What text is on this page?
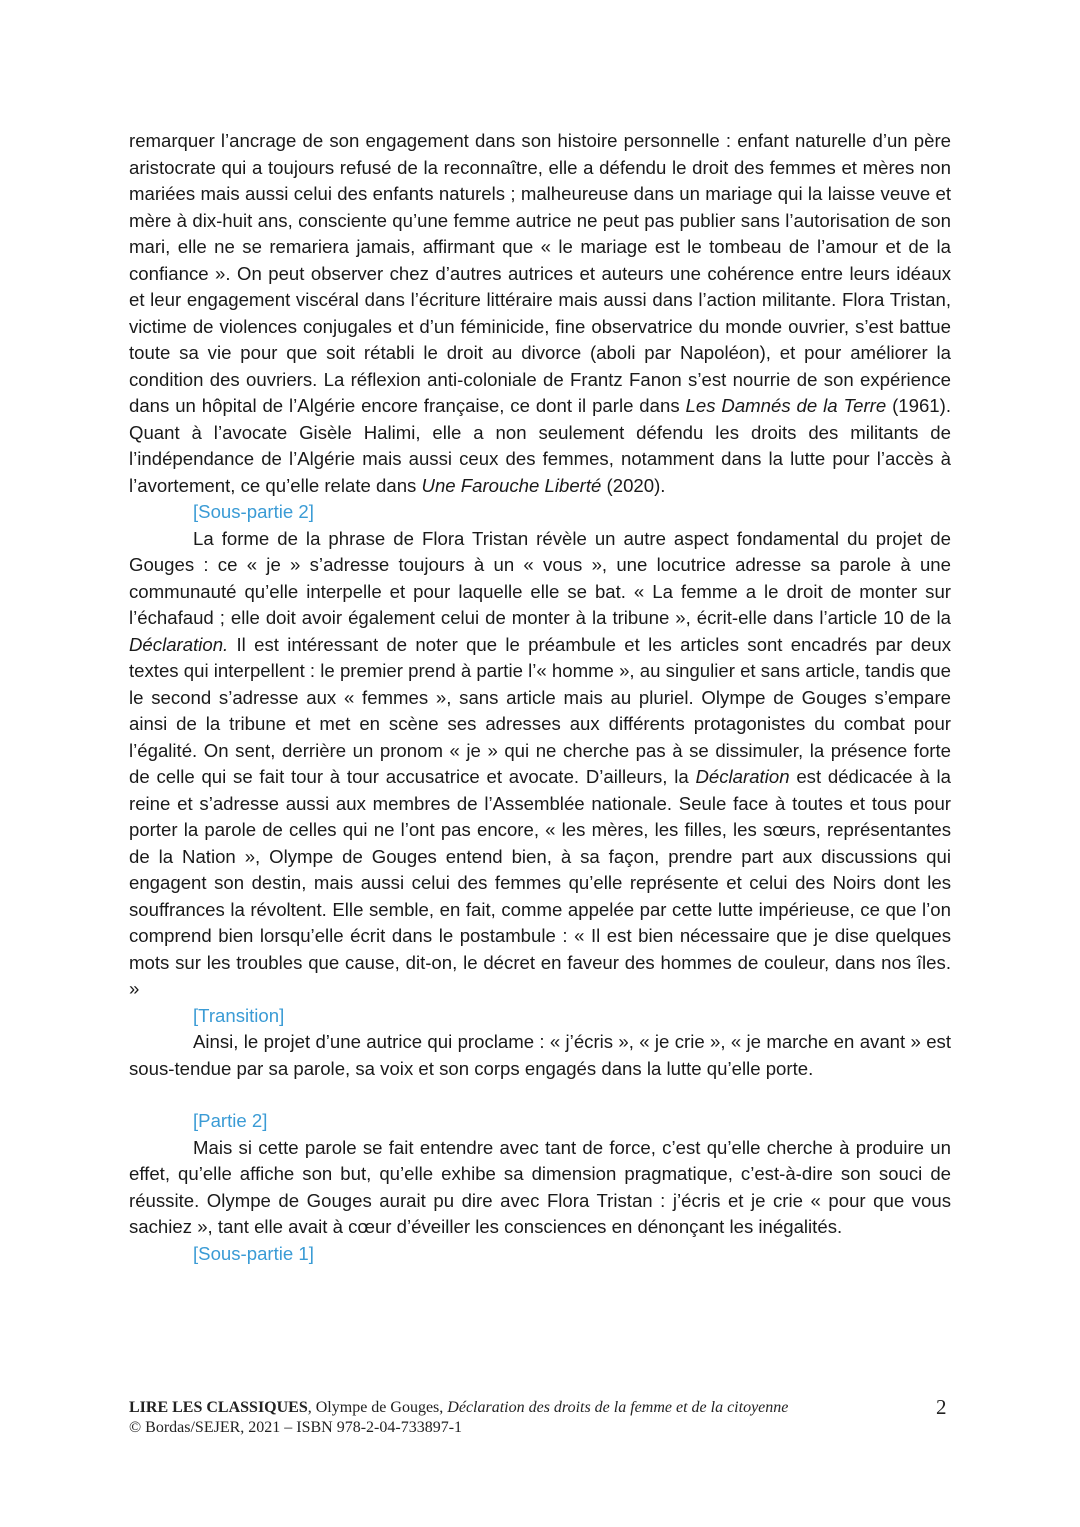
remarquer l’ancrage de son engagement dans son histoire personnelle : enfant naturelle d’un père aristocrate qui a toujours refusé de la reconnaître, elle a défendu le droit des femmes et mères non mariées mais aussi celui des enfants naturels ; malheureuse dans un mariage qui la laisse veuve et mère à dix-huit ans, consciente qu’une femme autrice ne peut pas publier sans l’autorisation de son mari, elle ne se remariera jamais, affirmant que « le mariage est le tombeau de l’amour et de la confiance ». On peut observer chez d’autres autrices et auteurs une cohérence entre leurs idéaux et leur engagement viscéral dans l’écriture littéraire mais aussi dans l’action militante. Flora Tristan, victime de violences conjugales et d’un féminicide, fine observatrice du monde ouvrier, s’est battue toute sa vie pour que soit rétabli le droit au divorce (aboli par Napoléon), et pour améliorer la condition des ouvriers. La réflexion anti-coloniale de Frantz Fanon s’est nourrie de son expérience dans un hôpital de l’Algérie encore française, ce dont il parle dans Les Damnés de la Terre (1961). Quant à l’avocate Gisèle Halimi, elle a non seulement défendu les droits des militants de l’indépendance de l’Algérie mais aussi ceux des femmes, notamment dans la lutte pour l’accès à l’avortement, ce qu’elle relate dans Une Farouche Liberté (2020).

[Sous-partie 2]

La forme de la phrase de Flora Tristan révèle un autre aspect fondamental du projet de Gouges : ce « je » s’adresse toujours à un « vous », une locutrice adresse sa parole à une communauté qu’elle interpelle et pour laquelle elle se bat. « La femme a le droit de monter sur l’échafaud ; elle doit avoir également celui de monter à la tribune », écrit-elle dans l’article 10 de la Déclaration. Il est intéressant de noter que le préambule et les articles sont encadrés par deux textes qui interpellent : le premier prend à partie l’« homme », au singulier et sans article, tandis que le second s’adresse aux « femmes », sans article mais au pluriel. Olympe de Gouges s’empare ainsi de la tribune et met en scène ses adresses aux différents protagonistes du combat pour l’égalité. On sent, derrière un pronom « je » qui ne cherche pas à se dissimuler, la présence forte de celle qui se fait tour à tour accusatrice et avocate. D’ailleurs, la Déclaration est dédicacée à la reine et s’adresse aussi aux membres de l’Assemblée nationale. Seule face à toutes et tous pour porter la parole de celles qui ne l’ont pas encore, « les mères, les filles, les sœurs, représentantes de la Nation », Olympe de Gouges entend bien, à sa façon, prendre part aux discussions qui engagent son destin, mais aussi celui des femmes qu’elle représente et celui des Noirs dont les souffrances la révoltent. Elle semble, en fait, comme appelée par cette lutte impérieuse, ce que l’on comprend bien lorsqu’elle écrit dans le postambule : « Il est bien nécessaire que je dise quelques mots sur les troubles que cause, dit-on, le décret en faveur des hommes de couleur, dans nos îles. »

[Transition]

Ainsi, le projet d’une autrice qui proclame : « j’écris », « je crie », « je marche en avant » est sous-tendue par sa parole, sa voix et son corps engagés dans la lutte qu’elle porte.

[Partie 2]

Mais si cette parole se fait entendre avec tant de force, c’est qu’elle cherche à produire un effet, qu’elle affiche son but, qu’elle exhibe sa dimension pragmatique, c’est-à-dire son souci de réussite. Olympe de Gouges aurait pu dire avec Flora Tristan : j’écris et je crie « pour que vous sachiez », tant elle avait à cœur d’éveiller les consciences en dénonçant les inégalités.

[Sous-partie 1]

LIRE LES CLASSIQUES, Olympe de Gouges, Déclaration des droits de la femme et de la citoyenne
© Bordas/SEJER, 2021 – ISBN 978-2-04-733897-1
2
